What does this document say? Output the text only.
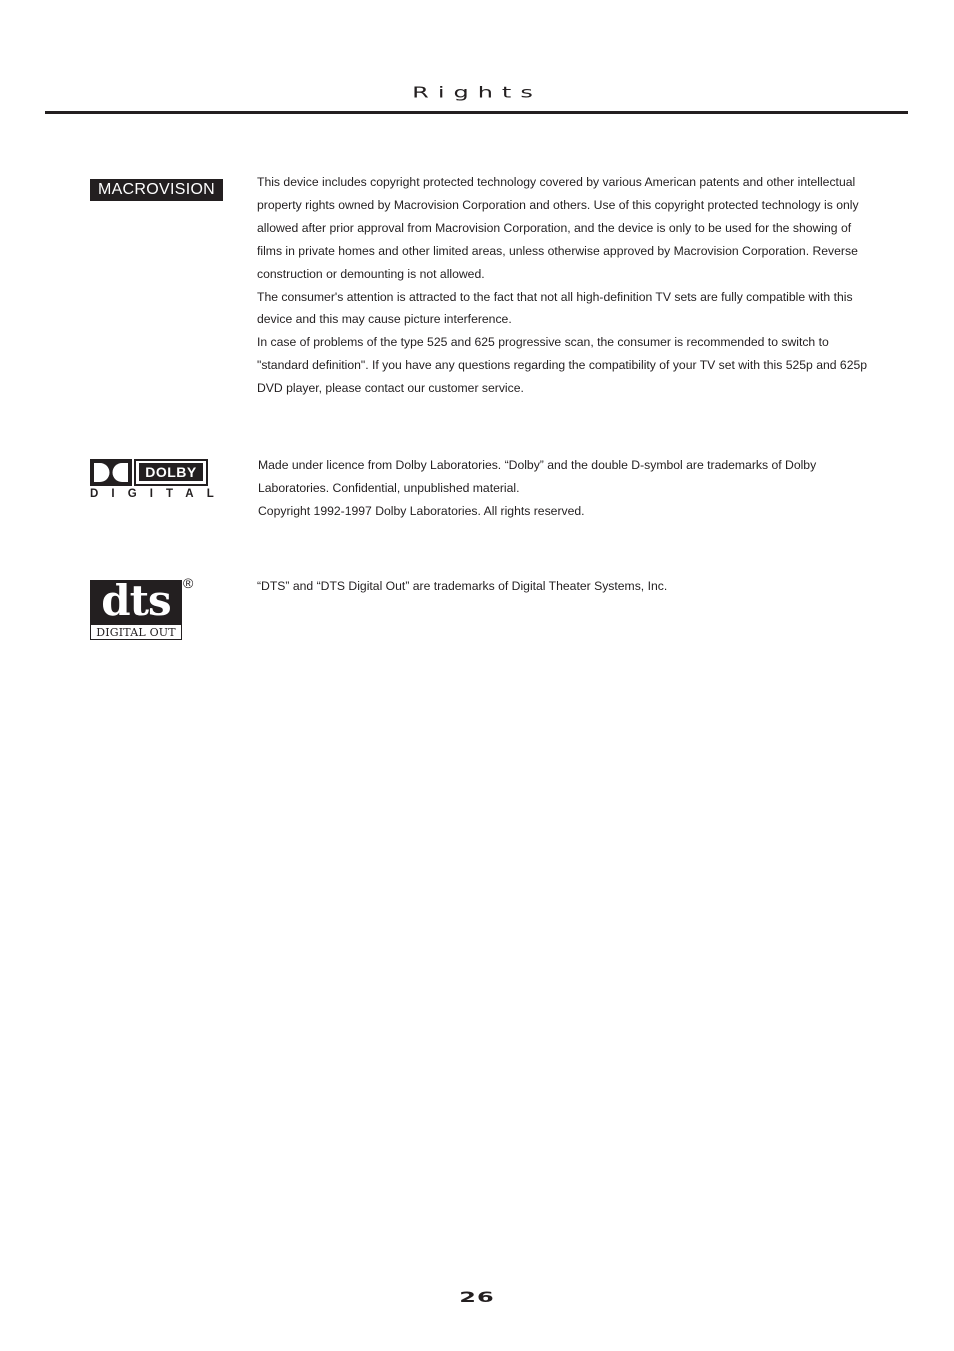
Rights
MACROVISION	This device includes copyright protected technology covered by various American patents and other intellectual property rights owned by Macrovision Corporation and others. Use of this copyright protected technology is only allowed after prior approval from Macrovision Corporation, and the device is only to be used for the showing of films in private homes and other limited areas, unless otherwise approved by Macrovision Corporation. Reverse construction or demounting is not allowed.

The consumer's attention is attracted to the fact that not all high-definition TV sets are fully compatible with this device and this may cause picture interference.

In case of problems of the type 525 and 625 progressive scan, the consumer is recommended to switch to "standard definition". If you have any questions regarding the compatibility of your TV set with this 525p and 625p DVD player, please contact our customer service.

DOLBY
DIGITAL

Made under licence from Dolby Laboratories. “Dolby” and the double D-symbol are trademarks of Dolby Laboratories. Confidential, unpublished material.

Copyright 1992-1997 Dolby Laboratories. All rights reserved.

dts
DIGITAL OUT
®	“DTS” and “DTS Digital Out” are trademarks of Digital Theater Systems, Inc.

26
